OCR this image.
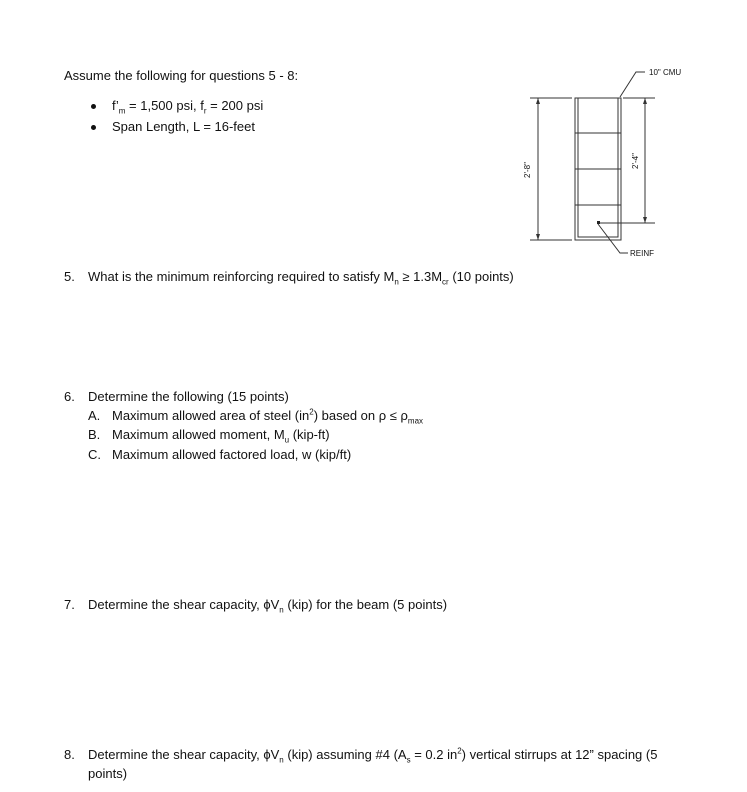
Assume the following for questions 5 - 8:
$f’_m = 1,500$ psi, $f_r = 200$ psi
Span Length, L = 16-feet
10" CMU
REINF
2'-8"
2'-4"
5. What is the minimum reinforcing required to satisfy $M_n \ge 1.3M_{cr}$ (10 points)
6. Determine the following (15 points)
A. Maximum allowed area of steel $(in^2)$ based on $\rho \le \rho_{max}$
B. Maximum allowed moment, $M_u$ (kip-ft)
C. Maximum allowed factored load, w (kip/ft)
7. Determine the shear capacity, $\phi V_n$ (kip) for the beam (5 points)
8. Determine the shear capacity, $\phi V_n$ (kip) assuming #4 ($A_s = 0.2$ $in^2$) vertical stirrups at 12” spacing (5
points)
